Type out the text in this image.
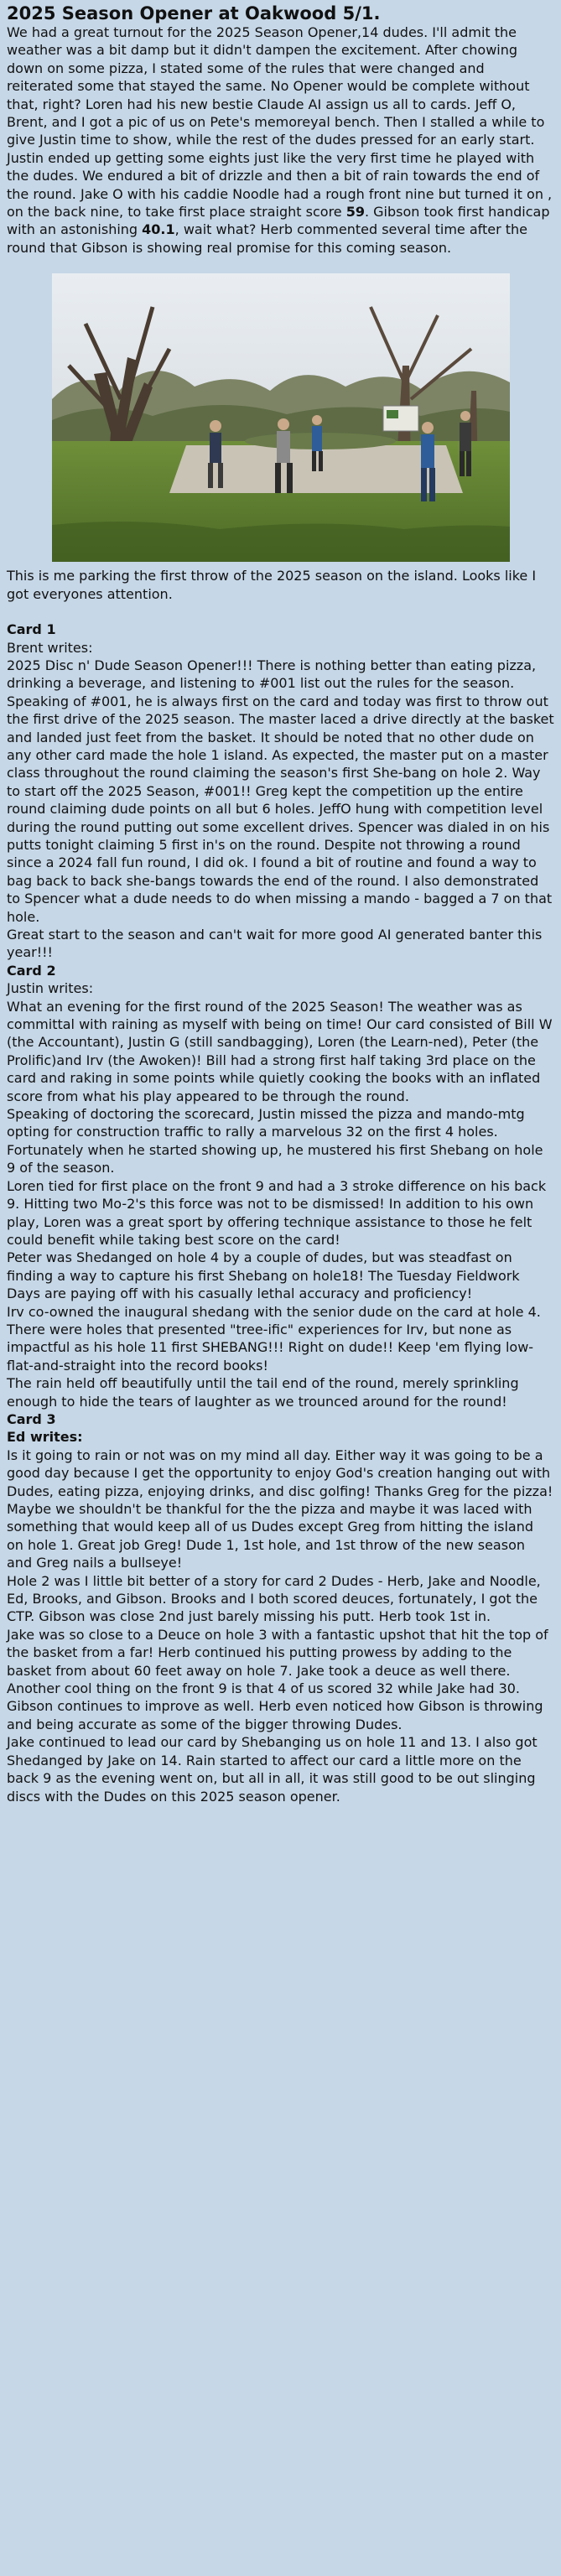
2025 Season Opener at Oakwood 5/1.

We had a great turnout for the 2025 Season Opener,14 dudes. I'll admit the weather was a bit damp but it didn't dampen the excitement. After chowing down on some pizza, I stated some of the rules that were changed and reiterated some that stayed the same. No Opener would be complete without that, right? Loren had his new bestie Claude AI assign us all to cards. Jeff O, Brent, and I got a pic of us on Pete's memoreyal bench. Then I stalled a while to give Justin time to show, while the rest of the dudes pressed for an early start. Justin ended up getting some eights just like the very first time he played with the dudes. We endured a bit of drizzle and then a bit of rain towards the end of the round. Jake O with his caddie Noodle had a rough front nine but turned it on , on the back nine, to take first place straight score 59. Gibson took first handicap with an astonishing 40.1, wait what? Herb commented several time after the round that Gibson is showing real promise for this coming season.

This is me parking the first throw of the 2025 season on the island. Looks like I got everyones attention.

Card 1

Brent writes:

2025 Disc n' Dude Season Opener!!! There is nothing better than eating pizza, drinking a beverage, and listening to #001 list out the rules for the season. Speaking of #001, he is always first on the card and today was first to throw out the first drive of the 2025 season. The master laced a drive directly at the basket and landed just feet from the basket. It should be noted that no other dude on any other card made the hole 1 island. As expected, the master put on a master class throughout the round claiming the season's first She-bang on hole 2. Way to start off the 2025 Season, #001!! Greg kept the competition up the entire round claiming dude points on all but 6 holes. JeffO hung with competition level during the round putting out some excellent drives. Spencer was dialed in on his putts tonight claiming 5 first in's on the round. Despite not throwing a round since a 2024 fall fun round, I did ok. I found a bit of routine and found a way to bag back to back she-bangs towards the end of the round. I also demonstrated to Spencer what a dude needs to do when missing a mando - bagged a 7 on that hole.

Great start to the season and can't wait for more good AI generated banter this year!!!

Card 2

Justin writes:

What an evening for the first round of the 2025 Season! The weather was as committal with raining as myself with being on time! Our card consisted of Bill W (the Accountant), Justin G (still sandbagging), Loren (the Learn-ned), Peter (the Prolific)and Irv (the Awoken)! Bill had a strong first half taking 3rd place on the card and raking in some points while quietly cooking the books with an inflated score from what his play appeared to be through the round.

Speaking of doctoring the scorecard, Justin missed the pizza and mando-mtg opting for construction traffic to rally a marvelous 32 on the first 4 holes. Fortunately when he started showing up, he mustered his first Shebang on hole 9 of the season.

Loren tied for first place on the front 9 and had a 3 stroke difference on his back 9. Hitting two Mo-2's this force was not to be dismissed! In addition to his own play, Loren was a great sport by offering technique assistance to those he felt could benefit while taking best score on the card!

Peter was Shedanged on hole 4 by a couple of dudes, but was steadfast on finding a way to capture his first Shebang on hole18! The Tuesday Fieldwork Days are paying off with his casually lethal accuracy and proficiency!

Irv co-owned the inaugural shedang with the senior dude on the card at hole 4. There were holes that presented "tree-ific" experiences for Irv, but none as impactful as his hole 11 first SHEBANG!!! Right on dude!! Keep 'em flying low-flat-and-straight into the record books!

The rain held off beautifully until the tail end of the round, merely sprinkling enough to hide the tears of laughter as we trounced around for the round!

Card 3

Ed writes:

Is it going to rain or not was on my mind all day. Either way it was going to be a good day because I get the opportunity to enjoy God's creation hanging out with Dudes, eating pizza, enjoying drinks, and disc golfing! Thanks Greg for the pizza! Maybe we shouldn't be thankful for the the pizza and maybe it was laced with something that would keep all of us Dudes except Greg from hitting the island on hole 1. Great job Greg! Dude 1, 1st hole, and 1st throw of the new season and Greg nails a bullseye!

Hole 2 was I little bit better of a story for card 2 Dudes - Herb, Jake and Noodle, Ed, Brooks, and Gibson. Brooks and I both scored deuces, fortunately, I got the CTP. Gibson was close 2nd just barely missing his putt. Herb took 1st in.

Jake was so close to a Deuce on hole 3 with a fantastic upshot that hit the top of the basket from a far! Herb continued his putting prowess by adding to the basket from about 60 feet away on hole 7. Jake took a deuce as well there. Another cool thing on the front 9 is that 4 of us scored 32 while Jake had 30. Gibson continues to improve as well. Herb even noticed how Gibson is throwing and being accurate as some of the bigger throwing Dudes.

Jake continued to lead our card by Shebanging us on hole 11 and 13. I also got Shedanged by Jake on 14. Rain started to affect our card a little more on the back 9 as the evening went on, but all in all, it was still good to be out slinging discs with the Dudes on this 2025 season opener.
